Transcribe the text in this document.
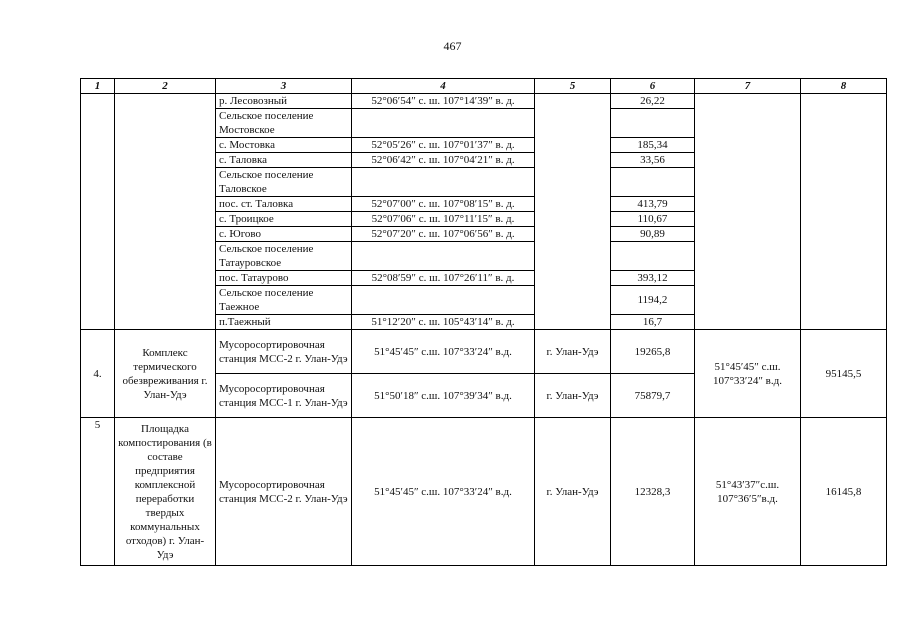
467
1	2	3	4	5	6	7	8
		р. Лесовозный	52°06′54″ с. ш. 107°14′39″ в. д.		26,22		
		Сельское поселение Мостовское					
		с. Мостовка	52°05′26″ с. ш. 107°01′37″ в. д.		185,34		
		с. Таловка	52°06′42″ с. ш. 107°04′21″ в. д.		33,56		
		Сельское поселение Таловское					
		пос. ст. Таловка	52°07′00″ с. ш. 107°08′15″ в. д.		413,79		
		с. Троицкое	52°07′06″ с. ш. 107°11′15″ в. д.		110,67		
		с. Югово	52°07′20″ с. ш. 107°06′56″ в. д.		90,89		
		Сельское поселение Татауровское					
		пос. Татаурово	52°08′59″ с. ш. 107°26′11″ в. д.		393,12		
		Сельское поселение Таежное			1194,2		
		п.Таежный	51°12′20″ с. ш. 105°43′14″ в. д.		16,7		
4.	Комплекс термического обезвреживания г. Улан-Удэ	Мусоросортировочная станция МСС-2 г. Улан-Удэ	51°45′45″ с.ш. 107°33′24″ в.д.	г. Улан-Удэ	19265,8	51°45′45″ с.ш. 107°33′24″ в.д.	95145,5
		Мусоросортировочная станция МСС-1 г. Улан-Удэ	51°50′18″ с.ш. 107°39′34″ в.д.	г. Улан-Удэ	75879,7		
5	Площадка компостирования (в составе предприятия комплексной переработки твердых коммунальных отходов) г. Улан-Удэ	Мусоросортировочная станция МСС-2 г. Улан-Удэ	51°45′45″ с.ш. 107°33′24″ в.д.	г. Улан-Удэ	12328,3	51°43′37″с.ш. 107°36′5″в.д.	16145,8
